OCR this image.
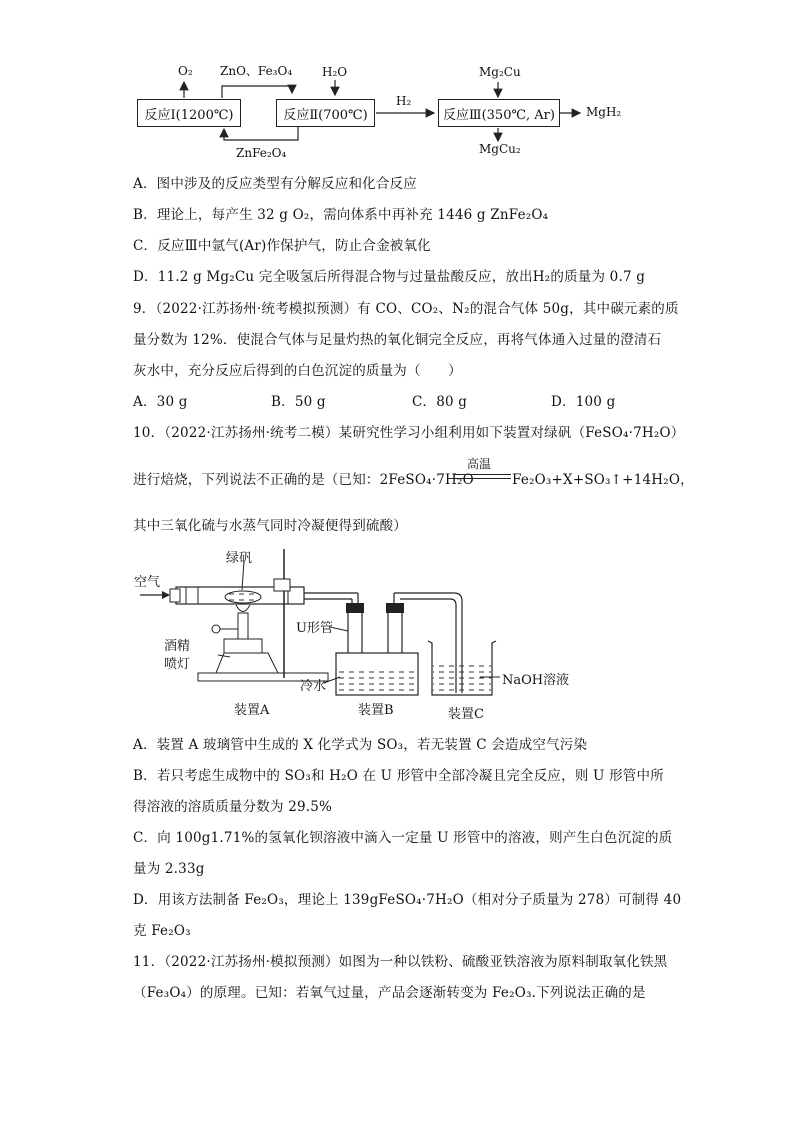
反应Ⅰ(1200℃)	反应Ⅱ(700℃)	反应Ⅲ(350℃, Ar)
O₂ ZnO、Fe₃O₄ H₂O
H₂
Mg₂Cu
MgH₂
MgCu₂
ZnFe₂O₄
A．图中涉及的反应类型有分解反应和化合反应
B．理论上，每产生 32 g O₂，需向体系中再补充 1446 g ZnFe₂O₄
C．反应Ⅲ中氩气(Ar)作保护气，防止合金被氧化
D．11.2 g Mg₂Cu 完全吸氢后所得混合物与过量盐酸反应，放出H₂的质量为 0.7 g
9．（2022·江苏扬州·统考模拟预测）有 CO、CO₂、N₂的混合气体 50g，其中碳元素的质
量分数为 12%．使混合气体与足量灼热的氧化铜完全反应，再将气体通入过量的澄清石
灰水中，充分反应后得到的白色沉淀的质量为（　　）
A．30 g	B．50 g	C．80 g	D．100 g
10．（2022·江苏扬州·统考二模）某研究性学习小组利用如下装置对绿矾（FeSO₄·7H₂O）
进行焙烧，下列说法不正确的是（已知：2FeSO₄·7H₂O
高温
Fe₂O₃+X+SO₃↑+14H₂O，
其中三氧化硫与水蒸气同时冷凝便得到硫酸）
空气
绿矾
酒精
喷灯
U形管
冷水	NaOH溶液
装置A	装置B	装置C
A．装置 A 玻璃管中生成的 X 化学式为 SO₃，若无装置 C 会造成空气污染
B．若只考虑生成物中的 SO₃和 H₂O 在 U 形管中全部冷凝且完全反应，则 U 形管中所
得溶液的溶质质量分数为 29.5%
C．向 100g1.71%的氢氧化钡溶液中滴入一定量 U 形管中的溶液，则产生白色沉淀的质
量为 2.33g
D．用该方法制备 Fe₂O₃，理论上 139gFeSO₄·7H₂O（相对分子质量为 278）可制得 40
克 Fe₂O₃
11．（2022·江苏扬州·模拟预测）如图为一种以铁粉、硫酸亚铁溶液为原料制取氧化铁黑
（Fe₃O₄）的原理。已知：若氧气过量，产品会逐渐转变为 Fe₂O₃.下列说法正确的是
